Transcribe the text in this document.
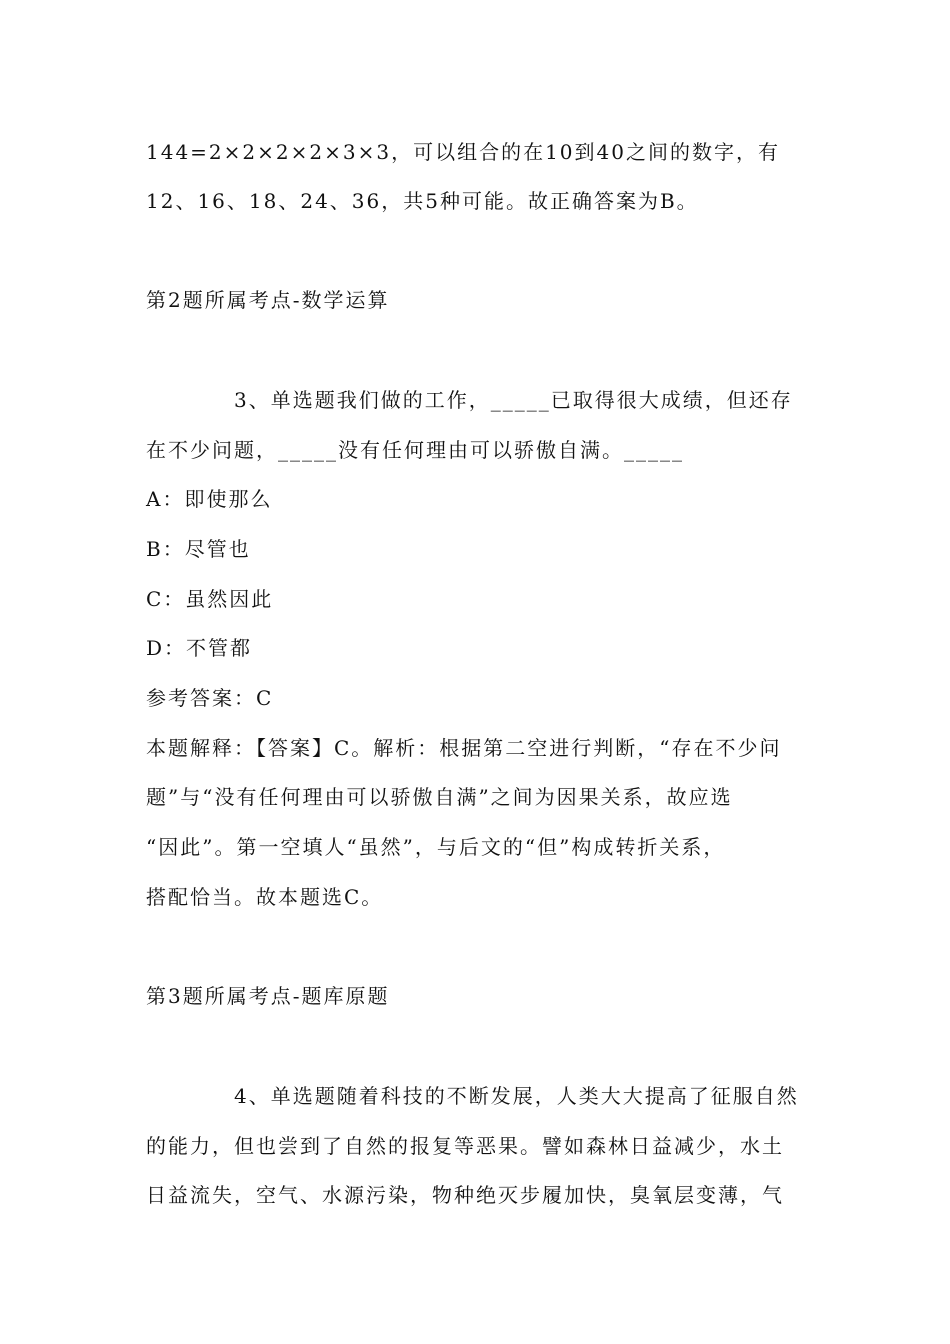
144=2×2×2×2×3×3，可以组合的在10到40之间的数字，有
12、16、18、24、36，共5种可能。故正确答案为B。
第2题所属考点-数学运算
3、单选题我们做的工作，_____已取得很大成绩，但还存
在不少问题，_____没有任何理由可以骄傲自满。_____
A：即使那么
B：尽管也
C：虽然因此
D：不管都
参考答案：C
本题解释：【答案】C。解析：根据第二空进行判断，“存在不少问
题”与“没有任何理由可以骄傲自满”之间为因果关系，故应选
“因此”。第一空填人“虽然”，与后文的“但”构成转折关系，
搭配恰当。故本题选C。
第3题所属考点-题库原题
4、单选题随着科技的不断发展，人类大大提高了征服自然
的能力，但也尝到了自然的报复等恶果。譬如森林日益减少，水土
日益流失，空气、水源污染，物种绝灭步履加快，臭氧层变薄，气
